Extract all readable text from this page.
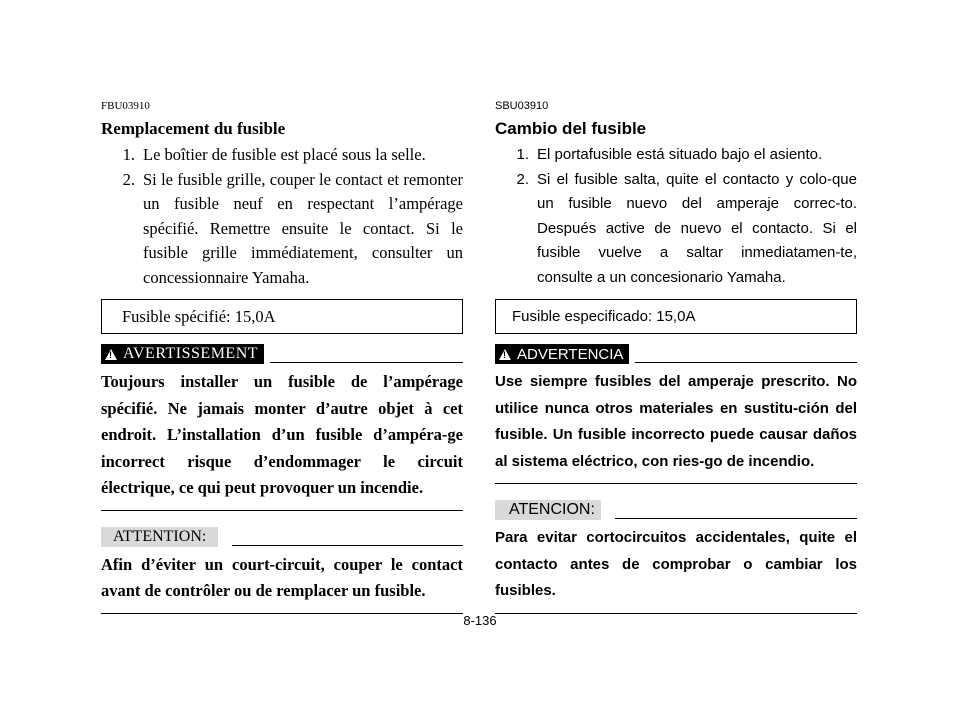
FBU03910
Remplacement du fusible
1. Le boîtier de fusible est placé sous la selle.
2. Si le fusible grille, couper le contact et remonter un fusible neuf en respectant l’ampérage spécifié. Remettre ensuite le contact. Si le fusible grille immédiatement, consulter un concessionnaire Yamaha.
Fusible spécifié: 15,0A
! AVERTISSEMENT
Toujours installer un fusible de l’ampérage spécifié. Ne jamais monter d’autre objet à cet endroit. L’installation d’un fusible d’ampéra-ge incorrect risque d’endommager le circuit électrique, ce qui peut provoquer un incendie.
ATTENTION:
Afin d’éviter un court-circuit, couper le contact avant de contrôler ou de remplacer un fusible.
SBU03910
Cambio del fusible
1. El portafusible está situado bajo el asiento.
2. Si el fusible salta, quite el contacto y colo-que un fusible nuevo del amperaje correc-to. Después active de nuevo el contacto. Si el fusible vuelve a saltar inmediatamen-te, consulte a un concesionario Yamaha.
Fusible especificado: 15,0A
! ADVERTENCIA
Use siempre fusibles del amperaje prescrito. No utilice nunca otros materiales en sustitu-ción del fusible. Un fusible incorrecto puede causar daños al sistema eléctrico, con ries-go de incendio.
ATENCION:
Para evitar cortocircuitos accidentales, quite el contacto antes de comprobar o cambiar los fusibles.
8-136
